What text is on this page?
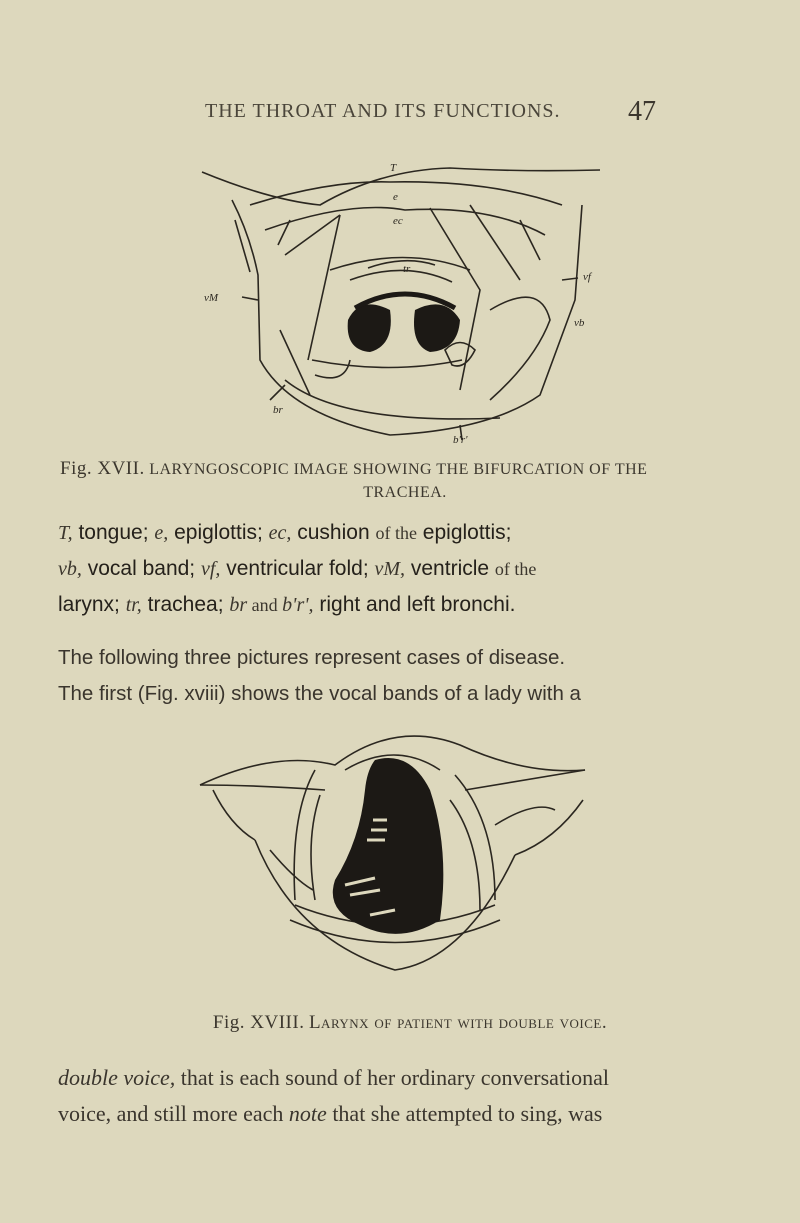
THE THROAT AND ITS FUNCTIONS.	47
T
e
ec
tr
vM
vf
vb
br
b'r'
Fig. XVII. LARYNGOSCOPIC IMAGE SHOWING THE BIFURCATION OF THE
TRACHEA.
T, tongue; e, epiglottis; ec, cushion of the epiglottis;
vb, vocal band; vf, ventricular fold; vM, ventricle of the
larynx; tr, trachea; br and b'r', right and left bronchi.
The following three pictures represent cases of disease.
The first (Fig. xviii) shows the vocal bands of a lady with a
Fig. XVIII. Larynx of patient with double voice.
double voice, that is each sound of her ordinary conversational
voice, and still more each note that she attempted to sing, was
